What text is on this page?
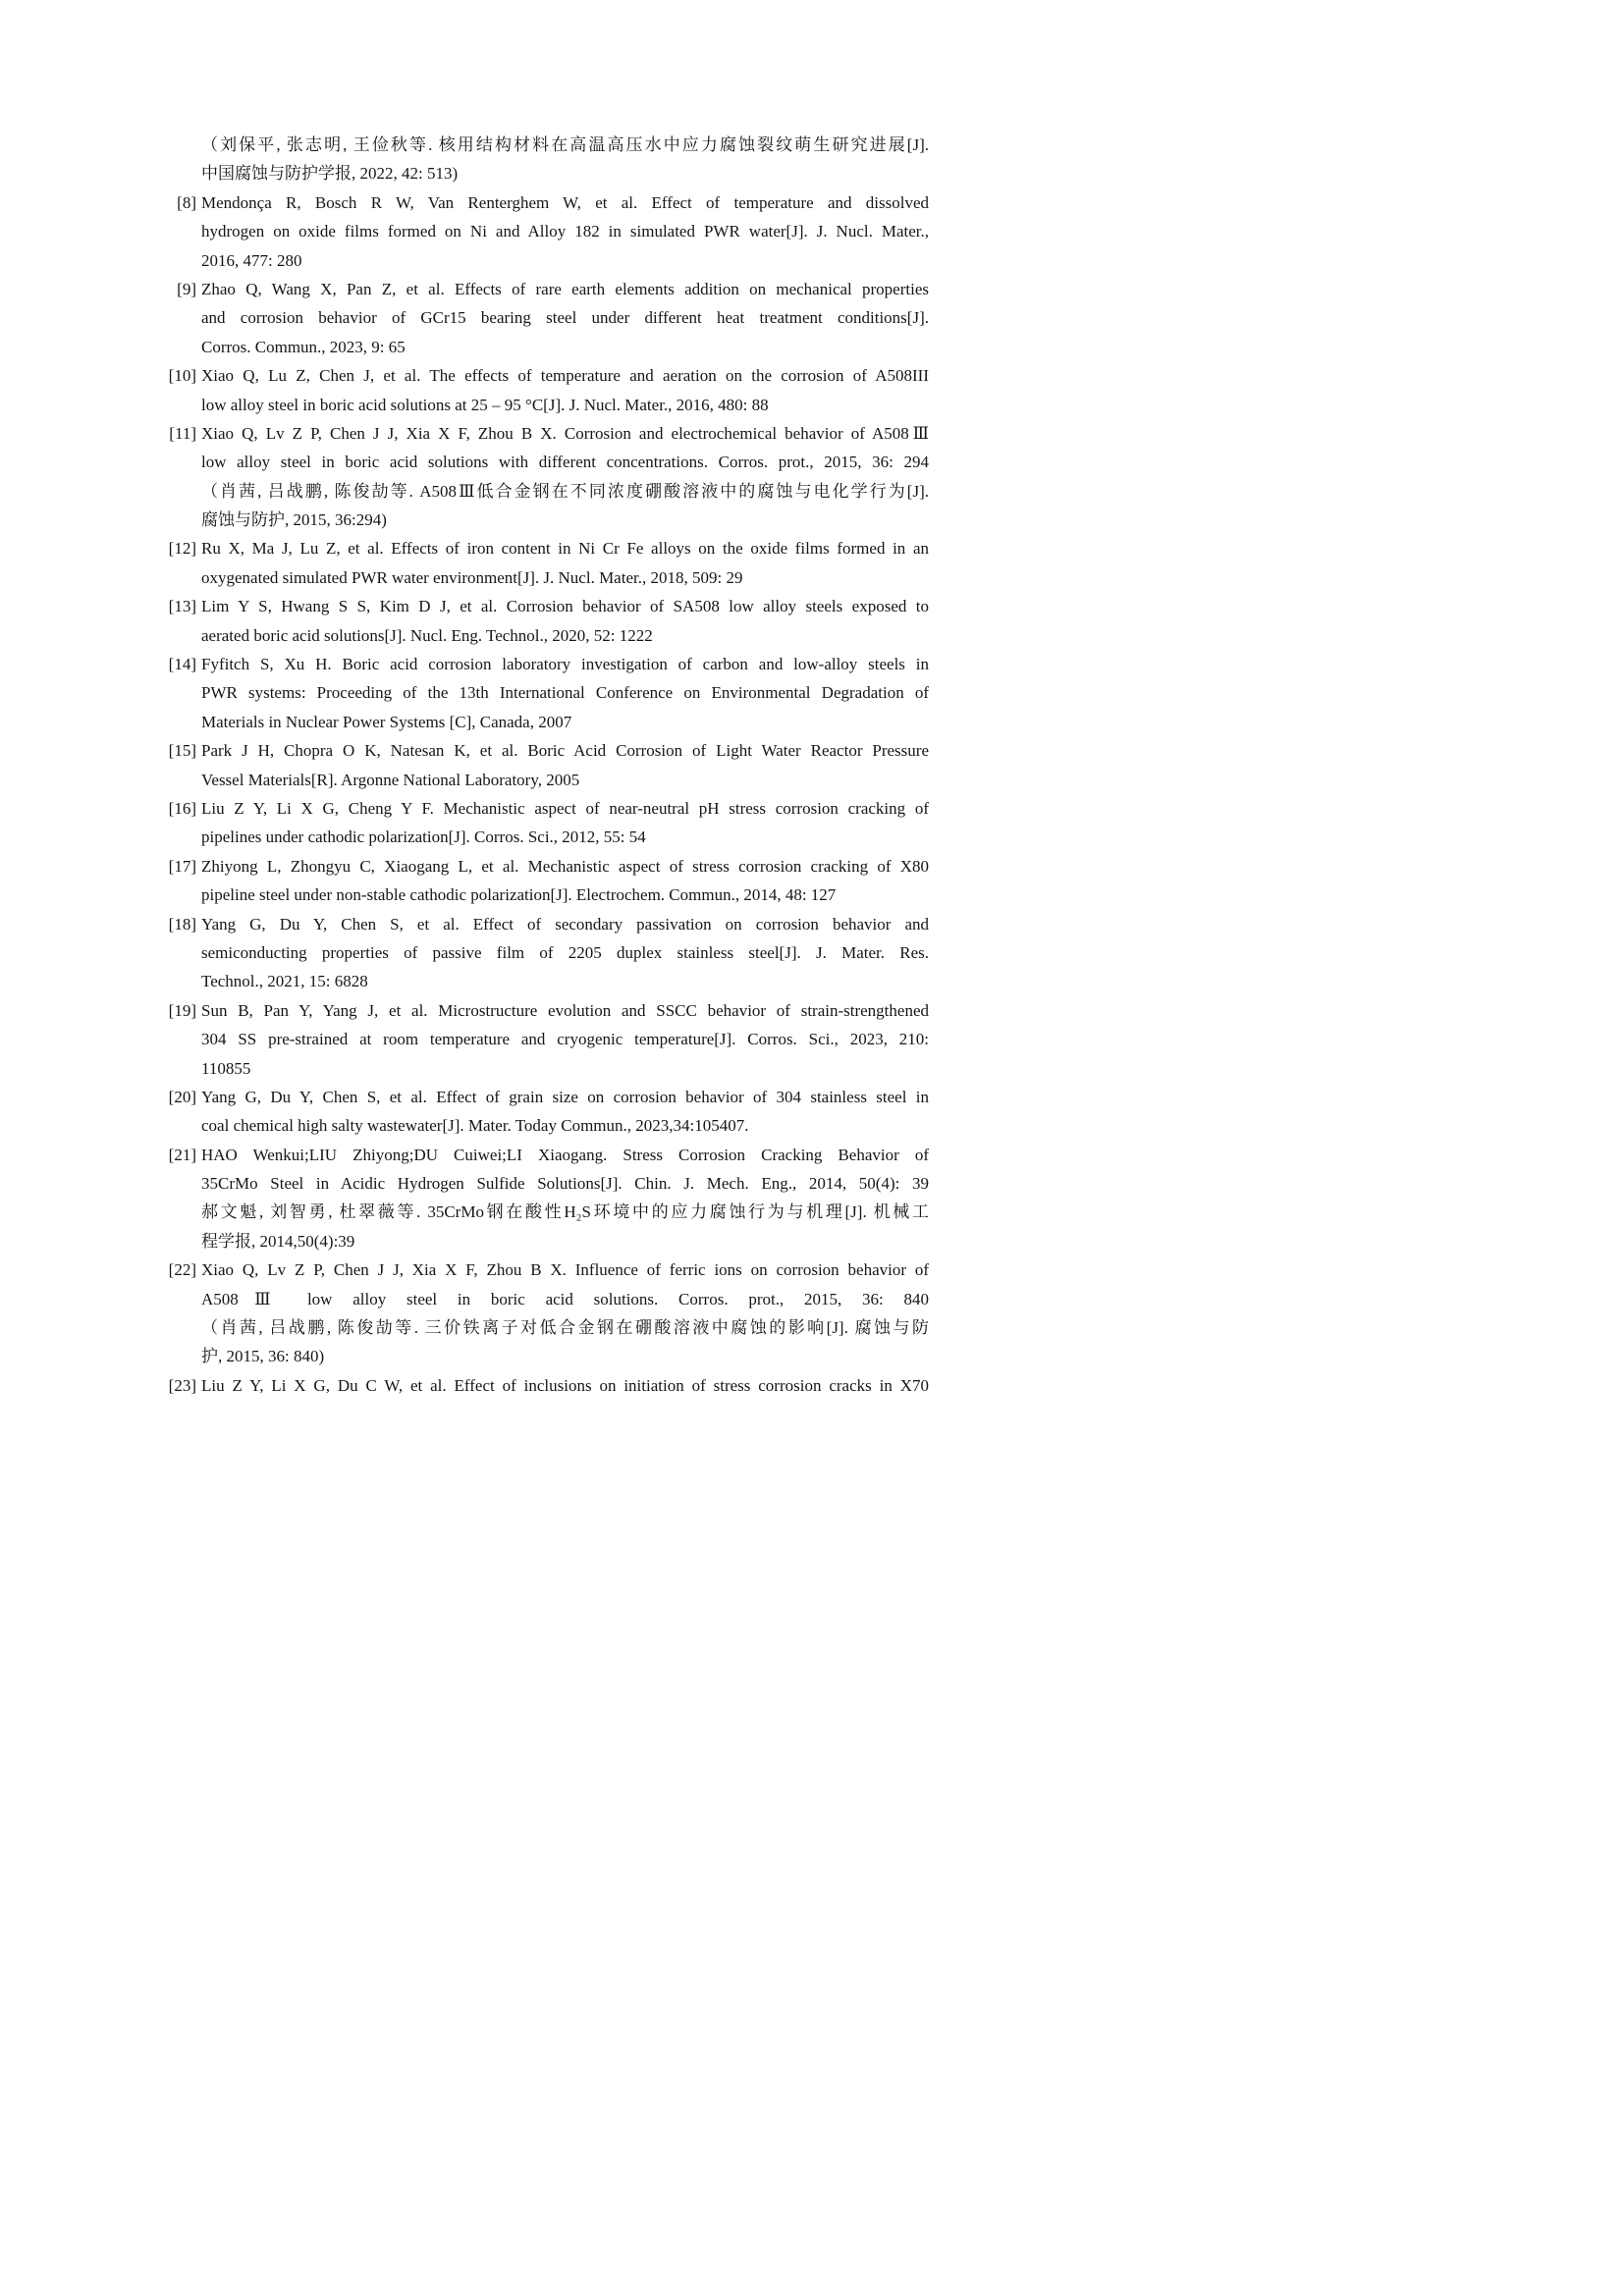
（刘保平, 张志明, 王俭秋等. 核用结构材料在高温高压水中应力腐蚀裂纹萌生研究进展[J].
中国腐蚀与防护学报, 2022, 42: 513)
[8] Mendonça R, Bosch R W, Van Renterghem W, et al. Effect of temperature and dissolved
hydrogen on oxide films formed on Ni and Alloy 182 in simulated PWR water[J]. J. Nucl. Mater.,
2016, 477: 280
[9] Zhao Q, Wang X, Pan Z, et al. Effects of rare earth elements addition on mechanical properties
and corrosion behavior of GCr15 bearing steel under different heat treatment conditions[J].
Corros. Commun., 2023, 9: 65
[10] Xiao Q, Lu Z, Chen J, et al. The effects of temperature and aeration on the corrosion of A508III
low alloy steel in boric acid solutions at 25 – 95 °C[J]. J. Nucl. Mater., 2016, 480: 88
[11] Xiao Q, Lv Z P, Chen J J, Xia X F, Zhou B X. Corrosion and electrochemical behavior of A508Ⅲ
low alloy steel in boric acid solutions with different concentrations. Corros. prot., 2015, 36: 294
（肖茜, 吕战鹏, 陈俊劼等. A508Ⅲ低合金钢在不同浓度硼酸溶液中的腐蚀与电化学行为[J].
腐蚀与防护, 2015, 36:294)
[12] Ru X, Ma J, Lu Z, et al. Effects of iron content in Ni Cr Fe alloys on the oxide films formed in an
oxygenated simulated PWR water environment[J]. J. Nucl. Mater., 2018, 509: 29
[13] Lim Y S, Hwang S S, Kim D J, et al. Corrosion behavior of SA508 low alloy steels exposed to
aerated boric acid solutions[J]. Nucl. Eng. Technol., 2020, 52: 1222
[14] Fyfitch S, Xu H. Boric acid corrosion laboratory investigation of carbon and low-alloy steels in
PWR systems: Proceeding of the 13th International Conference on Environmental Degradation of
Materials in Nuclear Power Systems [C], Canada, 2007
[15] Park J H, Chopra O K, Natesan K, et al. Boric Acid Corrosion of Light Water Reactor Pressure
Vessel Materials[R]. Argonne National Laboratory, 2005
[16] Liu Z Y, Li X G, Cheng Y F. Mechanistic aspect of near-neutral pH stress corrosion cracking of
pipelines under cathodic polarization[J]. Corros. Sci., 2012, 55: 54
[17] Zhiyong L, Zhongyu C, Xiaogang L, et al. Mechanistic aspect of stress corrosion cracking of X80
pipeline steel under non-stable cathodic polarization[J]. Electrochem. Commun., 2014, 48: 127
[18] Yang G, Du Y, Chen S, et al. Effect of secondary passivation on corrosion behavior and
semiconducting properties of passive film of 2205 duplex stainless steel[J]. J. Mater. Res.
Technol., 2021, 15: 6828
[19] Sun B, Pan Y, Yang J, et al. Microstructure evolution and SSCC behavior of strain-strengthened
304 SS pre-strained at room temperature and cryogenic temperature[J]. Corros. Sci., 2023, 210:
110855
[20] Yang G, Du Y, Chen S, et al. Effect of grain size on corrosion behavior of 304 stainless steel in
coal chemical high salty wastewater[J]. Mater. Today Commun., 2023,34:105407.
[21] HAO Wenkui;LIU Zhiyong;DU Cuiwei;LI Xiaogang. Stress Corrosion Cracking Behavior of
35CrMo Steel in Acidic Hydrogen Sulfide Solutions[J]. Chin. J. Mech. Eng., 2014, 50(4): 39
郝文魁, 刘智勇, 杜翠薇等. 35CrMo钢在酸性H₂S环境中的应力腐蚀行为与机理[J]. 机械工
程学报, 2014,50(4):39
[22] Xiao Q, Lv Z P, Chen J J, Xia X F, Zhou B X. Influence of ferric ions on corrosion behavior of
A508Ⅲ low alloy steel in boric acid solutions. Corros. prot., 2015, 36: 840
（肖茜, 吕战鹏, 陈俊劼等. 三价铁离子对低合金钢在硼酸溶液中腐蚀的影响[J]. 腐蚀与防
护, 2015, 36: 840)
[23] Liu Z Y, Li X G, Du C W, et al. Effect of inclusions on initiation of stress corrosion cracks in X70
